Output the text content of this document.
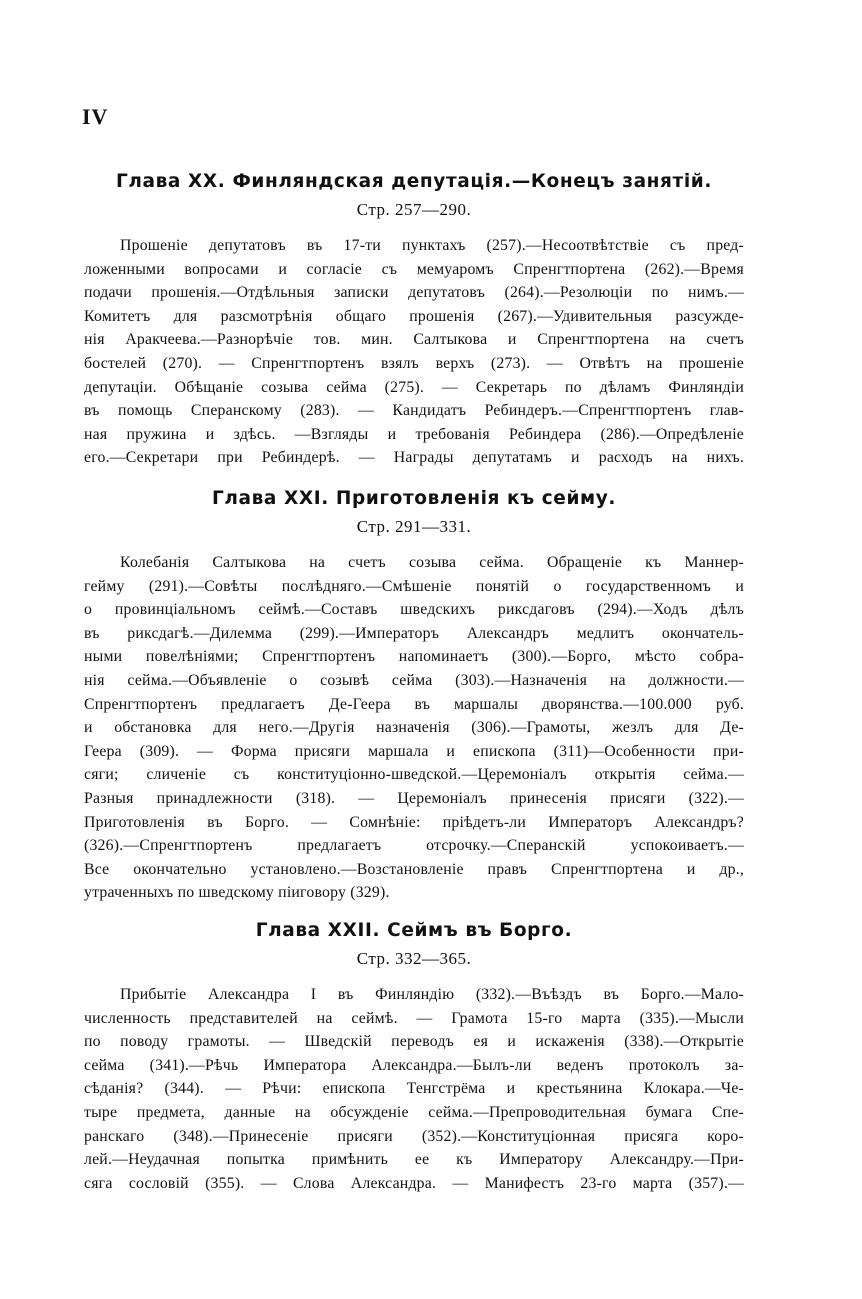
IV
Глава XX. Финляндская депутація.—Конецъ занятій.
Стр. 257—290.
Прошеніе депутатовъ въ 17-ти пунктахъ (257).—Несоотвѣтствіе съ пред-
ложенными вопросами и согласіе съ мемуаромъ Спренгтпортена (262).—Время
подачи прошенія.—Отдѣльныя записки депутатовъ (264).—Резолюціи по нимъ.—
Комитетъ для разсмотрѣнія общаго прошенія (267).—Удивительныя разсужде-
нія Аракчеева.—Разнорѣчіе тов. мин. Салтыкова и Спренгтпортена на счетъ
бостелей (270). — Спренгтпортенъ взялъ верхъ (273). — Отвѣтъ на прошеніе
депутаціи. Обѣщаніе созыва сейма (275). — Секретарь по дѣламъ Финляндіи
въ помощь Сперанскому (283). — Кандидатъ Ребиндеръ.—Спренгтпортенъ глав-
ная пружина и здѣсь. —Взгляды и требованія Ребиндера (286).—Опредѣленіе
его.—Секретари при Ребиндерѣ. — Награды депутатамъ и расходъ на нихъ.
Глава XXI. Приготовленія къ сейму.
Стр. 291—331.
Колебанія Салтыкова на счетъ созыва сейма. Обращеніе къ Маннер-
гейму (291).—Совѣты послѣдняго.—Смѣшеніе понятій о государственномъ и
о провинціальномъ сеймѣ.—Составъ шведскихъ риксдаговъ (294).—Ходъ дѣлъ
въ риксдагѣ.—Дилемма (299).—Императоръ Александръ медлитъ окончатель-
ными повелѣніями; Спренгтпортенъ напоминаетъ (300).—Борго, мѣсто собра-
нія сейма.—Объявленіе о созывѣ сейма (303).—Назначенія на должности.—
Спренгтпортенъ предлагаетъ Де-Геера въ маршалы дворянства.—100.000 руб.
и обстановка для него.—Другія назначенія (306).—Грамоты, жезлъ для Де-
Геера (309). — Форма присяги маршала и епископа (311)—Особенности при-
сяги; сличеніе съ конституціонно-шведской.—Церемоніалъ открытія сейма.—
Разныя принадлежности (318). — Церемоніалъ принесенія присяги (322).—
Приготовленія въ Борго. — Сомнѣніе: пріѣдетъ-ли Императоръ Александръ?
(326).—Спренгтпортенъ предлагаетъ отсрочку.—Сперанскій успокоиваетъ.—
Все окончательно установлено.—Возстановленіе правъ Спренгтпортена и др.,
утраченныхъ по шведскому пiиговору (329).
Глава XXII. Сеймъ въ Борго.
Стр. 332—365.
Прибытіе Александра I въ Финляндію (332).—Въѣздъ въ Борго.—Мало-
численность представителей на сеймѣ. — Грамота 15-го марта (335).—Мысли
по поводу грамоты. — Шведскій переводъ ея и искаженія (338).—Открытіе
сейма (341).—Рѣчь Императора Александра.—Былъ-ли веденъ протоколъ за-
сѣданія? (344). — Рѣчи: епископа Тенгстрёма и крестьянина Клокара.—Че-
тыре предмета, данные на обсужденіе сейма.—Препроводительная бумага Спе-
ранскаго (348).—Принесеніе присяги (352).—Конституціонная присяга коро-
лей.—Неудачная попытка примѣнить ее къ Императору Александру.—При-
сяга сословій (355). — Слова Александра. — Манифестъ 23-го марта (357).—
